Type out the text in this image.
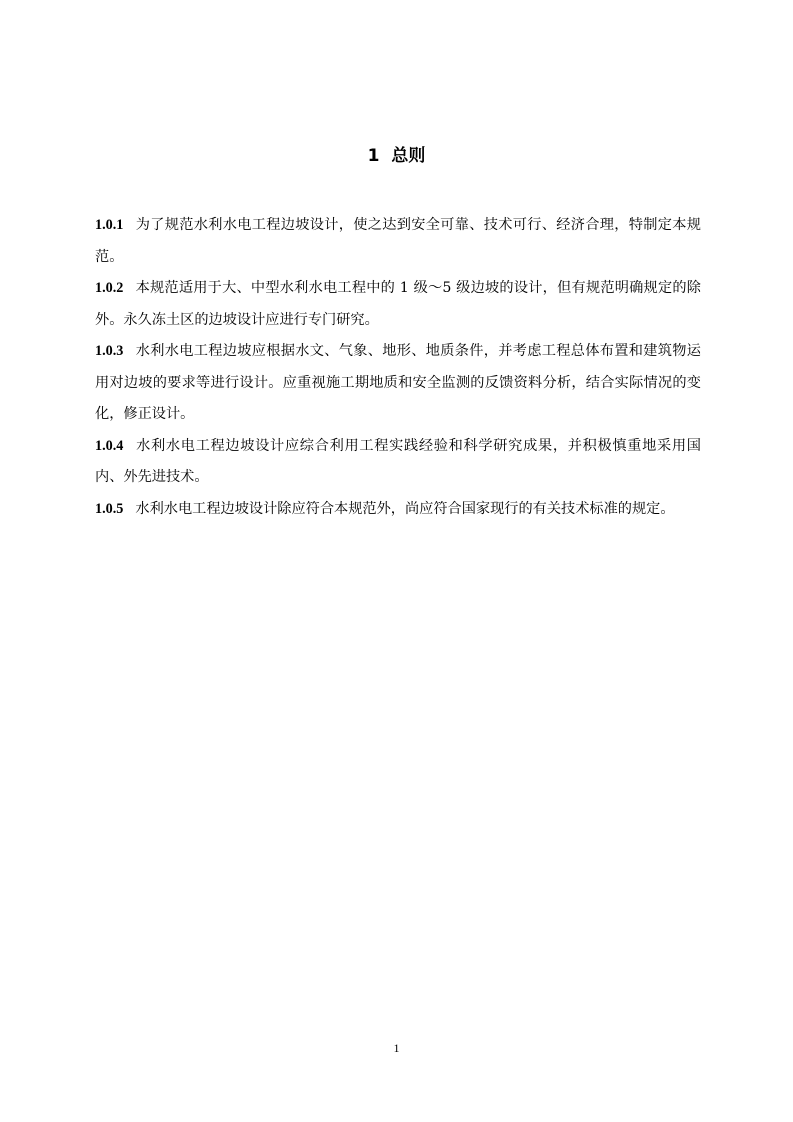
1 总则

1.0.1 为了规范水利水电工程边坡设计，使之达到安全可靠、技术可行、经济合理，特制定本规范。

1.0.2 本规范适用于大、中型水利水电工程中的 1 级～5 级边坡的设计，但有规范明确规定的除外。永久冻土区的边坡设计应进行专门研究。

1.0.3 水利水电工程边坡应根据水文、气象、地形、地质条件，并考虑工程总体布置和建筑物运用对边坡的要求等进行设计。应重视施工期地质和安全监测的反馈资料分析，结合实际情况的变化，修正设计。

1.0.4 水利水电工程边坡设计应综合利用工程实践经验和科学研究成果，并积极慎重地采用国内、外先进技术。

1.0.5 水利水电工程边坡设计除应符合本规范外，尚应符合国家现行的有关技术标准的规定。

1
